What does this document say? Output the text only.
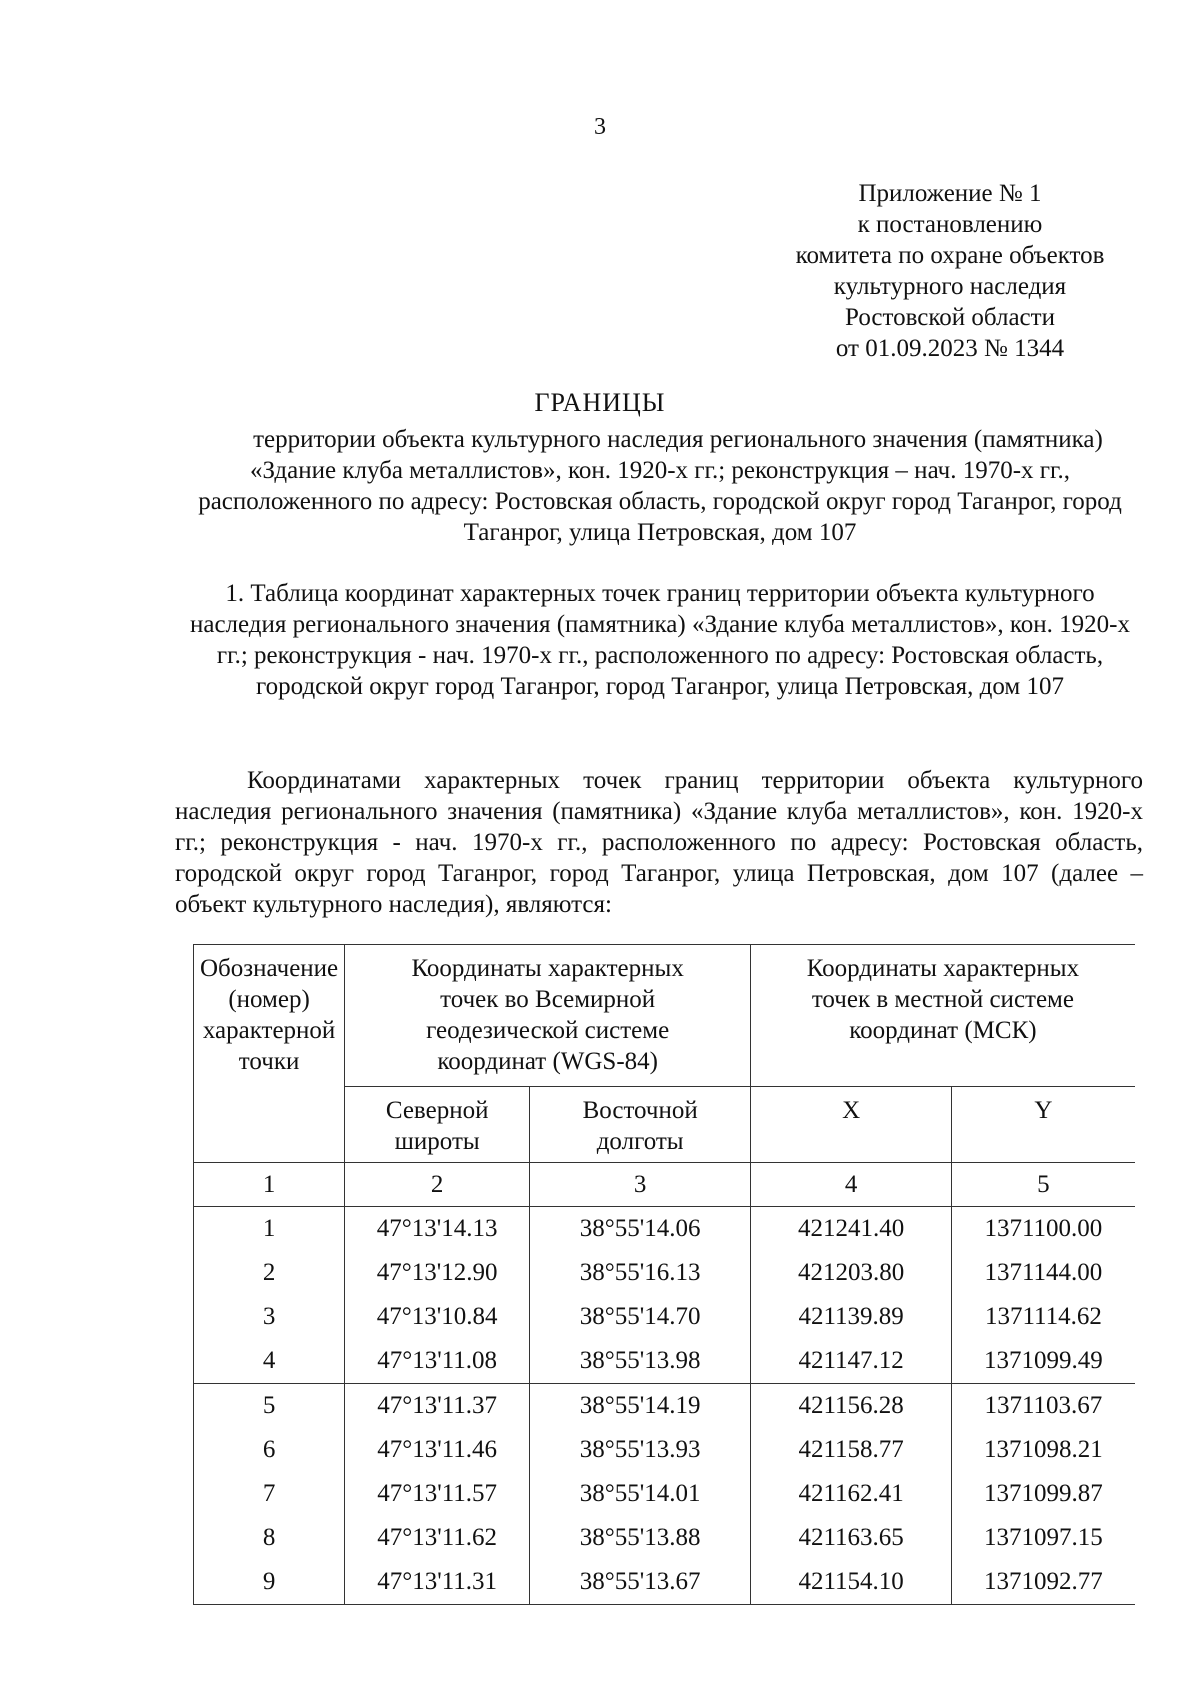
3
Приложение № 1
к постановлению
комитета по охране объектов
культурного наследия
Ростовской области
от 01.09.2023 № 1344
ГРАНИЦЫ
территории объекта культурного наследия регионального значения (памятника) «Здание клуба металлистов», кон. 1920-х гг.; реконструкция – нач. 1970-х гг., расположенного по адресу: Ростовская область, городской округ город Таганрог, город Таганрог, улица Петровская, дом 107
1. Таблица координат характерных точек границ территории объекта культурного наследия регионального значения (памятника) «Здание клуба металлистов», кон. 1920-х гг.; реконструкция - нач. 1970-х гг., расположенного по адресу: Ростовская область, городской округ город Таганрог, город Таганрог, улица Петровская, дом 107
Координатами характерных точек границ территории объекта культурного наследия регионального значения (памятника) «Здание клуба металлистов», кон. 1920-х гг.; реконструкция - нач. 1970-х гг., расположенного по адресу: Ростовская область, городской округ город Таганрог, город Таганрог, улица Петровская, дом 107 (далее – объект культурного наследия), являются:
Обозначение (номер) характерной точки	Координаты характерных точек во Всемирной геодезической системе координат (WGS-84)		Координаты характерных точек в местной системе координат (МСК)	
	Северной широты	Восточной долготы	X	Y
1	2	3	4	5
1	47°13'14.13	38°55'14.06	421241.40	1371100.00
2	47°13'12.90	38°55'16.13	421203.80	1371144.00
3	47°13'10.84	38°55'14.70	421139.89	1371114.62
4	47°13'11.08	38°55'13.98	421147.12	1371099.49
5	47°13'11.37	38°55'14.19	421156.28	1371103.67
6	47°13'11.46	38°55'13.93	421158.77	1371098.21
7	47°13'11.57	38°55'14.01	421162.41	1371099.87
8	47°13'11.62	38°55'13.88	421163.65	1371097.15
9	47°13'11.31	38°55'13.67	421154.10	1371092.77
